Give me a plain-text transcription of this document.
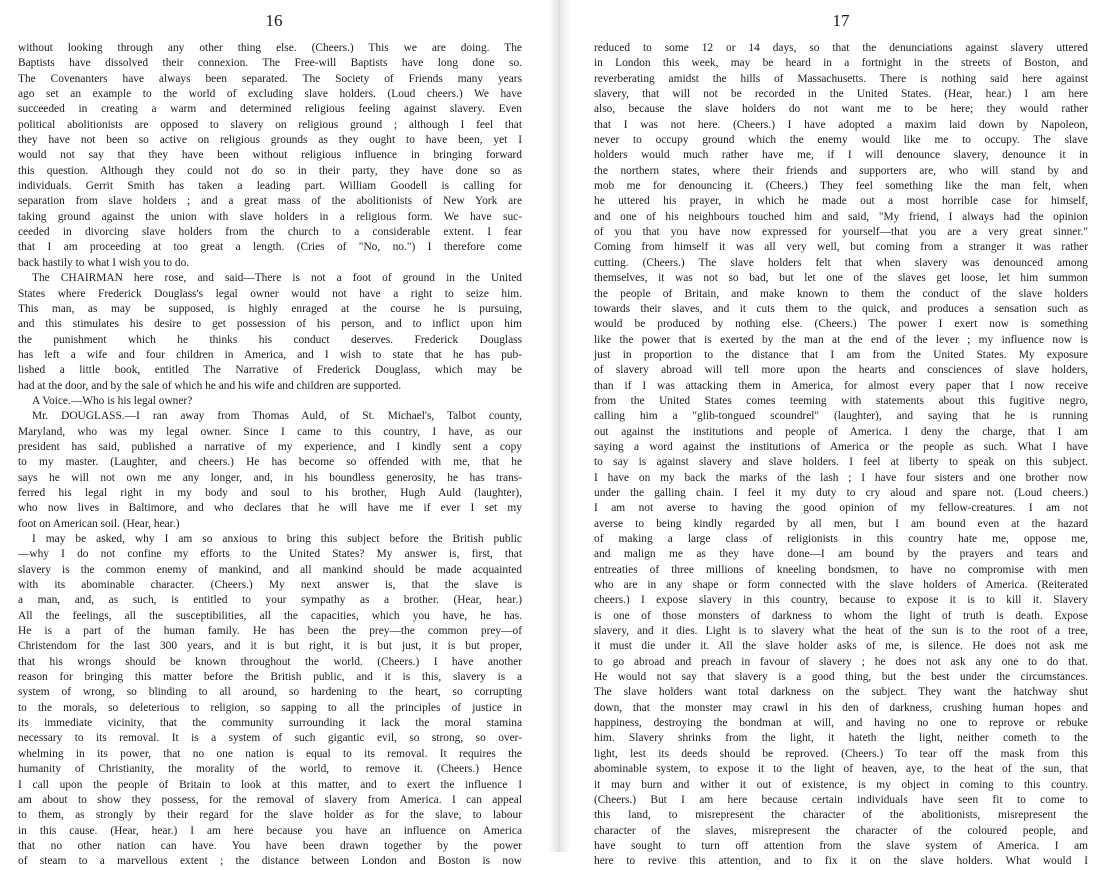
16
without looking through any other thing else. (Cheers.) This we are doing. The
Baptists have dissolved their connexion. The Free-will Baptists have long done so.
The Covenanters have always been separated. The Society of Friends many years
ago set an example to the world of excluding slave holders. (Loud cheers.) We have
succeeded in creating a warm and determined religious feeling against slavery. Even
political abolitionists are opposed to slavery on religious ground ; although I feel that
they have not been so active on religious grounds as they ought to have been, yet I
would not say that they have been without religious influence in bringing forward
this question. Although they could not do so in their party, they have done so as
individuals. Gerrit Smith has taken a leading part. William Goodell is calling for
separation from slave holders ; and a great mass of the abolitionists of New York are
taking ground against the union with slave holders in a religious form. We have suc-
ceeded in divorcing slave holders from the church to a considerable extent. I fear
that I am proceeding at too great a length. (Cries of "No, no.") I therefore come
back hastily to what I wish you to do.
The CHAIRMAN here rose, and said—There is not a foot of ground in the United
States where Frederick Douglass's legal owner would not have a right to seize him.
This man, as may be supposed, is highly enraged at the course he is pursuing,
and this stimulates his desire to get possession of his person, and to inflict upon him
the punishment which he thinks his conduct deserves. Frederick Douglass
has left a wife and four children in America, and I wish to state that he has pub-
lished a little book, entitled The Narrative of Frederick Douglass, which may be
had at the door, and by the sale of which he and his wife and children are supported.
A Voice.—Who is his legal owner?
Mr. DOUGLASS.—I ran away from Thomas Auld, of St. Michael's, Talbot county,
Maryland, who was my legal owner. Since I came to this country, I have, as our
president has said, published a narrative of my experience, and I kindly sent a copy
to my master. (Laughter, and cheers.) He has become so offended with me, that he
says he will not own me any longer, and, in his boundless generosity, he has trans-
ferred his legal right in my body and soul to his brother, Hugh Auld (laughter),
who now lives in Baltimore, and who declares that he will have me if ever I set my
foot on American soil. (Hear, hear.)
I may be asked, why I am so anxious to bring this subject before the British public
—why I do not confine my efforts to the United States? My answer is, first, that
slavery is the common enemy of mankind, and all mankind should be made acquainted
with its abominable character. (Cheers.) My next answer is, that the slave is
a man, and, as such, is entitled to your sympathy as a brother. (Hear, hear.)
All the feelings, all the susceptibilities, all the capacities, which you have, he has.
He is a part of the human family. He has been the prey—the common prey—of
Christendom for the last 300 years, and it is but right, it is but just, it is but proper,
that his wrongs should be known throughout the world. (Cheers.) I have another
reason for bringing this matter before the British public, and it is this, slavery is a
system of wrong, so blinding to all around, so hardening to the heart, so corrupting
to the morals, so deleterious to religion, so sapping to all the principles of justice in
its immediate vicinity, that the community surrounding it lack the moral stamina
necessary to its removal. It is a system of such gigantic evil, so strong, so over-
whelming in its power, that no one nation is equal to its removal. It requires the
humanity of Christianity, the morality of the world, to remove it. (Cheers.) Hence
I call upon the people of Britain to look at this matter, and to exert the influence I
am about to show they possess, for the removal of slavery from America. I can appeal
to them, as strongly by their regard for the slave holder as for the slave, to labour
in this cause. (Hear, hear.) I am here because you have an influence on America
that no other nation can have. You have been drawn together by the power
of steam to a marvellous extent ; the distance between London and Boston is now
17
reduced to some 12 or 14 days, so that the denunciations against slavery uttered
in London this week, may be heard in a fortnight in the streets of Boston, and
reverberating amidst the hills of Massachusetts. There is nothing said here against
slavery, that will not be recorded in the United States. (Hear, hear.) I am here
also, because the slave holders do not want me to be here; they would rather
that I was not here. (Cheers.) I have adopted a maxim laid down by Napoleon,
never to occupy ground which the enemy would like me to occupy. The slave
holders would much rather have me, if I will denounce slavery, denounce it in
the northern states, where their friends and supporters are, who will stand by and
mob me for denouncing it. (Cheers.) They feel something like the man felt, when
he uttered his prayer, in which he made out a most horrible case for himself,
and one of his neighbours touched him and said, "My friend, I always had the opinion
of you that you have now expressed for yourself—that you are a very great sinner."
Coming from himself it was all very well, but coming from a stranger it was rather
cutting. (Cheers.) The slave holders felt that when slavery was denounced among
themselves, it was not so bad, but let one of the slaves get loose, let him summon
the people of Britain, and make known to them the conduct of the slave holders
towards their slaves, and it cuts them to the quick, and produces a sensation such as
would be produced by nothing else. (Cheers.) The power I exert now is something
like the power that is exerted by the man at the end of the lever ; my influence now is
just in proportion to the distance that I am from the United States. My exposure
of slavery abroad will tell more upon the hearts and consciences of slave holders,
than if I was attacking them in America, for almost every paper that I now receive
from the United States comes teeming with statements about this fugitive negro,
calling him a "glib-tongued scoundrel" (laughter), and saying that he is running
out against the institutions and people of America. I deny the charge, that I am
saying a word against the institutions of America or the people as such. What I have
to say is against slavery and slave holders. I feel at liberty to speak on this subject.
I have on my back the marks of the lash ; I have four sisters and one brother now
under the galling chain. I feel it my duty to cry aloud and spare not. (Loud cheers.)
I am not averse to having the good opinion of my fellow-creatures. I am not
averse to being kindly regarded by all men, but I am bound even at the hazard
of making a large class of religionists in this country hate me, oppose me,
and malign me as they have done—I am bound by the prayers and tears and
entreaties of three millions of kneeling bondsmen, to have no compromise with men
who are in any shape or form connected with the slave holders of America. (Reiterated
cheers.) I expose slavery in this country, because to expose it is to kill it. Slavery
is one of those monsters of darkness to whom the light of truth is death. Expose
slavery, and it dies. Light is to slavery what the heat of the sun is to the root of a tree,
it must die under it. All the slave holder asks of me, is silence. He does not ask me
to go abroad and preach in favour of slavery ; he does not ask any one to do that.
He would not say that slavery is a good thing, but the best under the circumstances.
The slave holders want total darkness on the subject. They want the hatchway shut
down, that the monster may crawl in his den of darkness, crushing human hopes and
happiness, destroying the bondman at will, and having no one to reprove or rebuke
him. Slavery shrinks from the light, it hateth the light, neither cometh to the
light, lest its deeds should be reproved. (Cheers.) To tear off the mask from this
abominable system, to expose it to the light of heaven, aye, to the heat of the sun, that
it may burn and wither it out of existence, is my object in coming to this country.
(Cheers.) But I am here because certain individuals have seen fit to come to
this land, to misrepresent the character of the abolitionists, misrepresent the
character of the slaves, misrepresent the character of the coloured people, and
have sought to turn off attention from the slave system of America. I am
here to revive this attention, and to fix it on the slave holders. What would I
